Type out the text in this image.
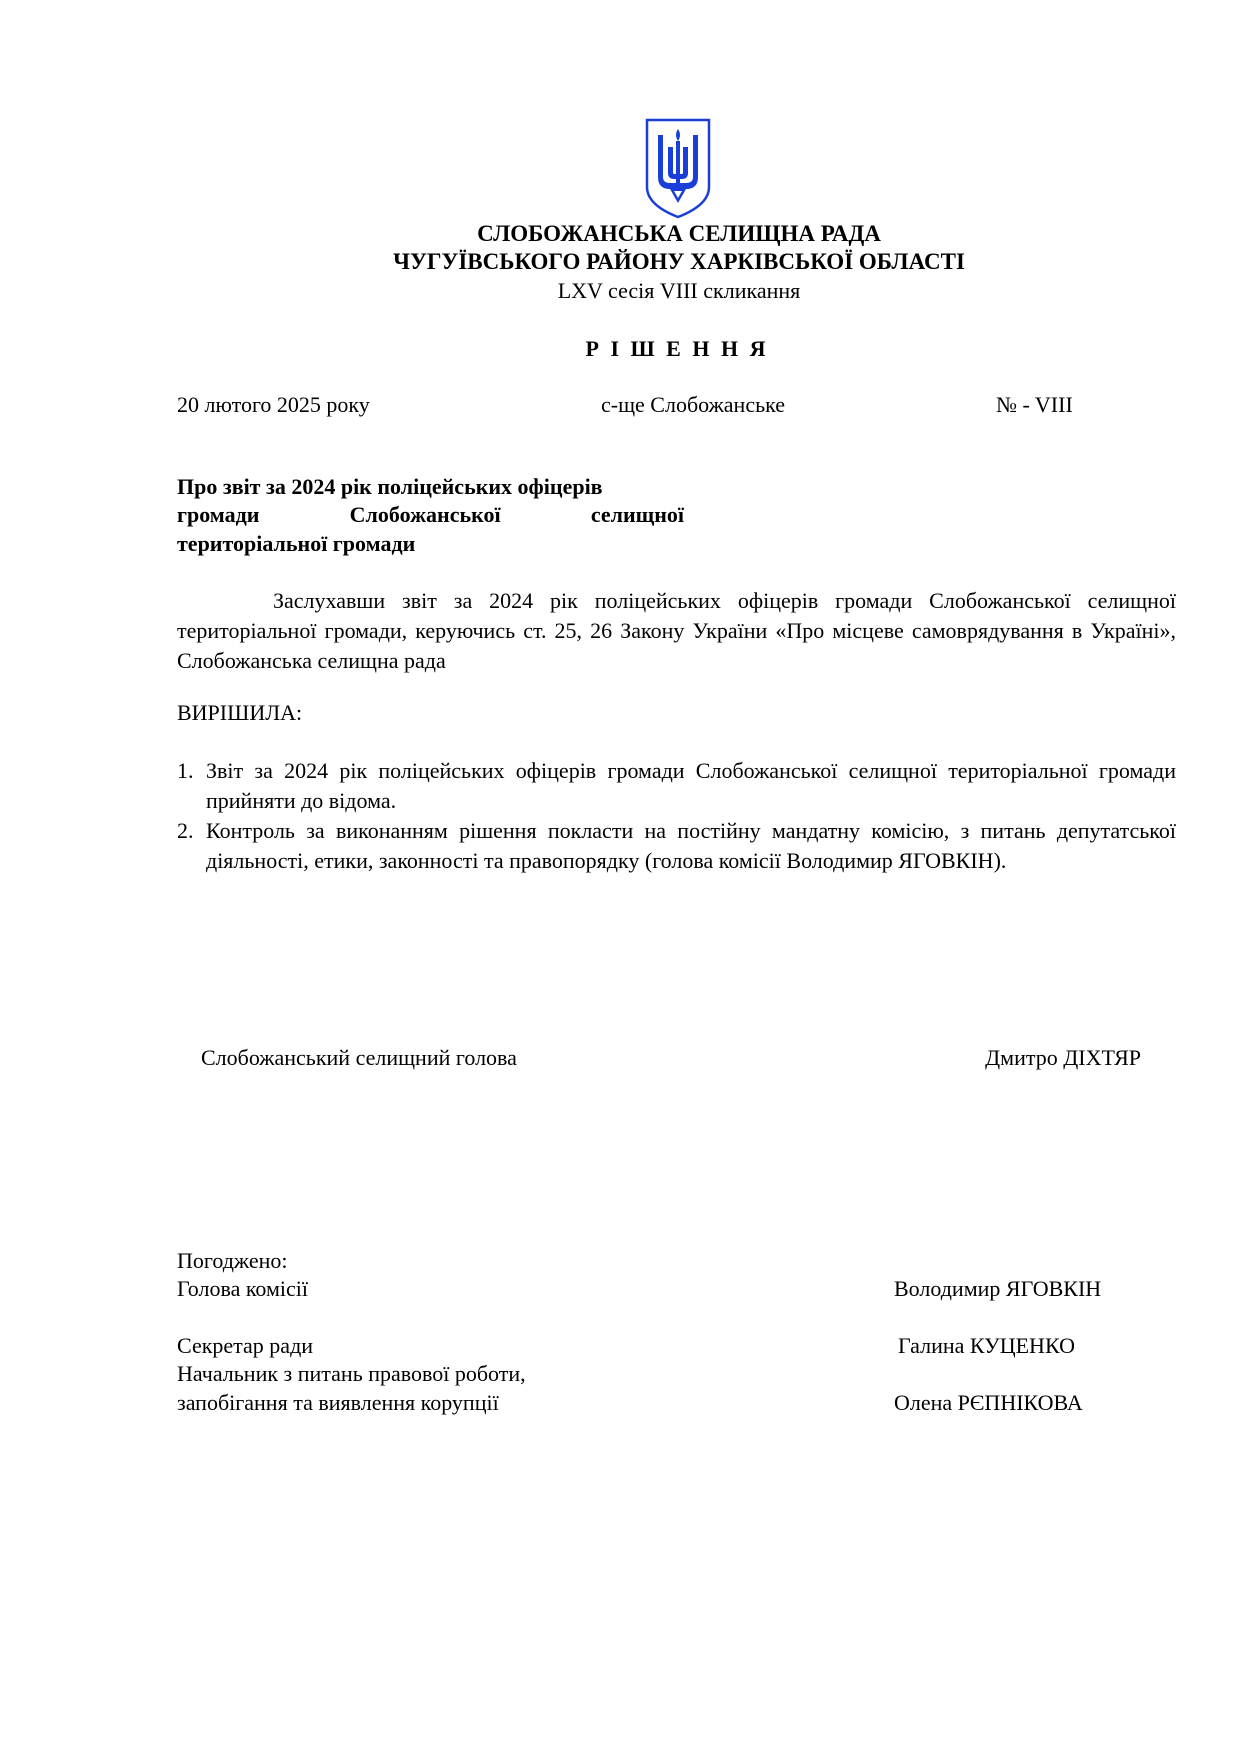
СЛОБОЖАНСЬКА СЕЛИЩНА РАДА

ЧУГУЇВСЬКОГО РАЙОНУ ХАРКІВСЬКОЇ ОБЛАСТІ

LXV сесія VIII скликання

Р І Ш Е Н Н Я

20 лютого 2025 року	с-ще Слобожанське	№ - VIII

Про звіт за 2024 рік поліцейських офіцерів

громади	Слобожанської	селищної

територіальної громади

Заслухавши звіт за 2024 рік поліцейських офіцерів громади Слобожанської селищної територіальної громади, керуючись ст. 25, 26 Закону України «Про місцеве самоврядування в Україні», Слобожанська селищна рада

ВИРІШИЛА:

1. Звіт за 2024 рік поліцейських офіцерів громади Слобожанської селищної територіальної громади прийняти до відома.
2. Контроль за виконанням рішення покласти на постійну мандатну комісію, з питань депутатської діяльності, етики, законності та правопорядку (голова комісії Володимир ЯГОВКІН).

Слобожанський селищний голова	Дмитро ДІХТЯР

Погоджено:

Голова комісії	Володимир ЯГОВКІН

Секретар ради	Галина КУЦЕНКО

Начальник з питань правової роботи,

запобігання та виявлення корупції	Олена РЄПНІКОВА
